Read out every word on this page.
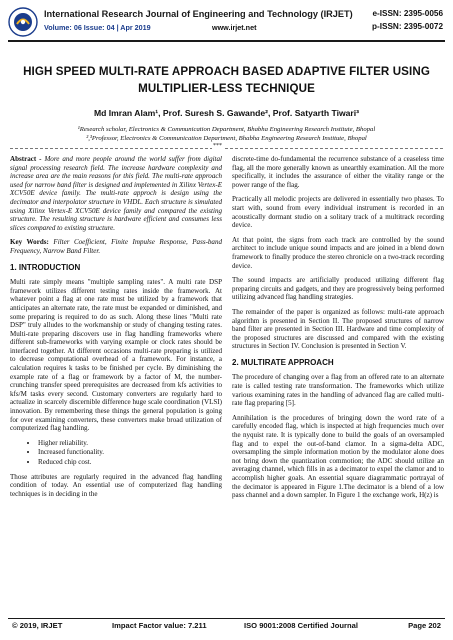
International Research Journal of Engineering and Technology (IRJET) e-ISSN: 2395-0056
Volume: 06 Issue: 04 | Apr 2019	www.irjet.net	p-ISSN: 2395-0072
HIGH SPEED MULTI-RATE APPROACH BASED ADAPTIVE FILTER USING
MULTIPLIER-LESS TECHNIQUE
Md Imran Alam¹, Prof. Suresh S. Gawande², Prof. Satyarth Tiwari³
¹Research scholar, Electronics & Communication Department, Bhabha Engineering Research Institute, Bhopal
²,³Professor, Electronics & Communication Department, Bhabha Engineering Research Institute, Bhopal
***

Abstract - More and more people around the world suffer from digital signal processing research field. The increase hardware complexity and increase area are the main reasons for this field. The multi-rate approach used for narrow band filter is designed and implemented in Xilinx Vertex-E XCV50E device family. The multi-rate approch is design using the decimator and interpolator structure in VHDL. Each structure is simulated using Xilinx Vertex-E XCV50E device family and compared the existing structure. The resulting structure is hardware efficient and consumes less slices compared to existing structure.

Key Words: Filter Coefficient, Finite Impulse Response, Pass-band Frequency, Narrow Band Filter.

1. INTRODUCTION

Multi rate simply means "multiple sampling rates". A multi rate DSP framework utilizes different testing rates inside the framework. At whatever point a flag at one rate must be utilized by a framework that anticipates an alternate rate, the rate must be expanded or diminished, and some preparing is required to do as such. Along these lines "Multi rate DSP" truly alludes to the workmanship or study of changing testing rates. Multi-rate preparing discovers use in flag handling frameworks where different sub-frameworks with varying example or clock rates should be interfaced together. At different occasions multi-rate preparing is utilized to decrease computational overhead of a framework. For instance, a calculation requires k tasks to be finished per cycle. By diminishing the example rate of a flag or framework by a factor of M, the number-crunching transfer speed prerequisites are decreased from kfs activities to kfs/M tasks every second. Customary converters are regularly hard to actualize in scarcely discernible difference huge scale coordination (VLSI) innovation. By remembering these things the general population is going for over examining converters, these converters make broad utilization of computerized flag handling.

• Higher reliability.
• Increased functionality.
• Reduced chip cost.

Those attributes are regularly required in the advanced flag handling condition of today. An essential use of computerized flag handling techniques is in deciding in the

discrete-time do-fundamental the recurrence substance of a ceaseless time flag, all the more generally known as unearthly examination. All the more specifically, it includes the assurance of either the vitality range or the power range of the flag.

Practically all melodic projects are delivered in essentially two phases. To start with, sound from every individual instrument is recorded in an acoustically dormant studio on a solitary track of a multitrack recording device.

At that point, the signs from each track are controlled by the sound architect to include unique sound impacts and are joined in a blend down framework to finally produce the stereo chronicle on a two-track recording device.

The sound impacts are artificially produced utilizing different flag preparing circuits and gadgets, and they are progressively being performed utilizing advanced flag handling strategies.

The remainder of the paper is organized as follows: multi-rate approach algorithm is presented in Section II. The proposed structures of narrow band filter are presented in Section III. Hardware and time complexity of the proposed structures are discussed and compared with the existing structures in Section IV. Conclusion is presented in Section V.

2. MULTIRATE APPROACH

The procedure of changing over a flag from an offered rate to an alternate rate is called testing rate transformation. The frameworks which utilize various examining rates in the handling of advanced flag are called multi-rate flag preparing [5].

Annihilation is the procedures of bringing down the word rate of a carefully encoded flag, which is inspected at high frequencies much over the nyquist rate. It is typically done to build the goals of an oversampled flag and to expel the out-of-band clamor. In a sigma-delta ADC, oversampling the simple information motion by the modulator alone does not bring down the quantization commotion; the ADC should utilize an averaging channel, which fills in as a decimator to expel the clamor and to accomplish higher goals. An essential square diagrammatic portrayal of the decimator is appeared in Figure 1.The decimator is a blend of a low pass channel and a down sampler. In Figure 1 the exchange work, H(z) is

© 2019, IRJET	Impact Factor value: 7.211	ISO 9001:2008 Certified Journal	Page 202
